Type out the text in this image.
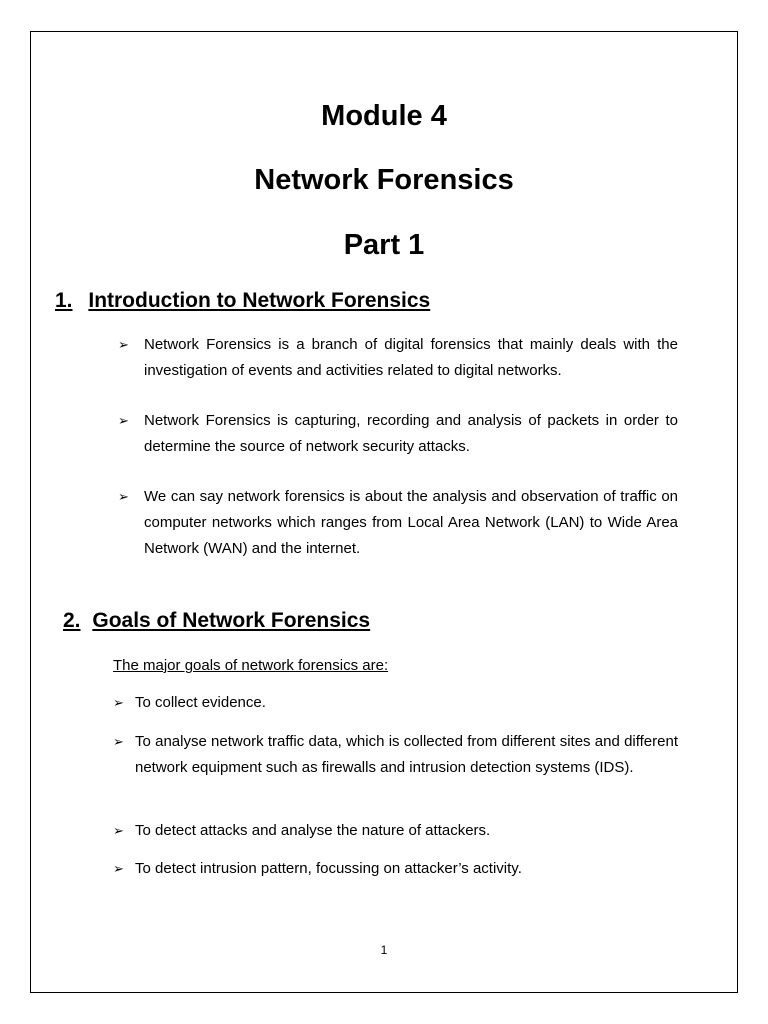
Module 4
Network Forensics
Part 1
1. Introduction to Network Forensics
➢ Network Forensics is a branch of digital forensics that mainly deals with the investigation of events and activities related to digital networks.
➢ Network Forensics is capturing, recording and analysis of packets in order to determine the source of network security attacks.
➢ We can say network forensics is about the analysis and observation of traffic on computer networks which ranges from Local Area Network (LAN) to Wide Area Network (WAN) and the internet.
2. Goals of Network Forensics
The major goals of network forensics are:
➢ To collect evidence.
➢ To analyse network traffic data, which is collected from different sites and different network equipment such as firewalls and intrusion detection systems (IDS).
➢ To detect attacks and analyse the nature of attackers.
➢ To detect intrusion pattern, focussing on attacker’s activity.
1
